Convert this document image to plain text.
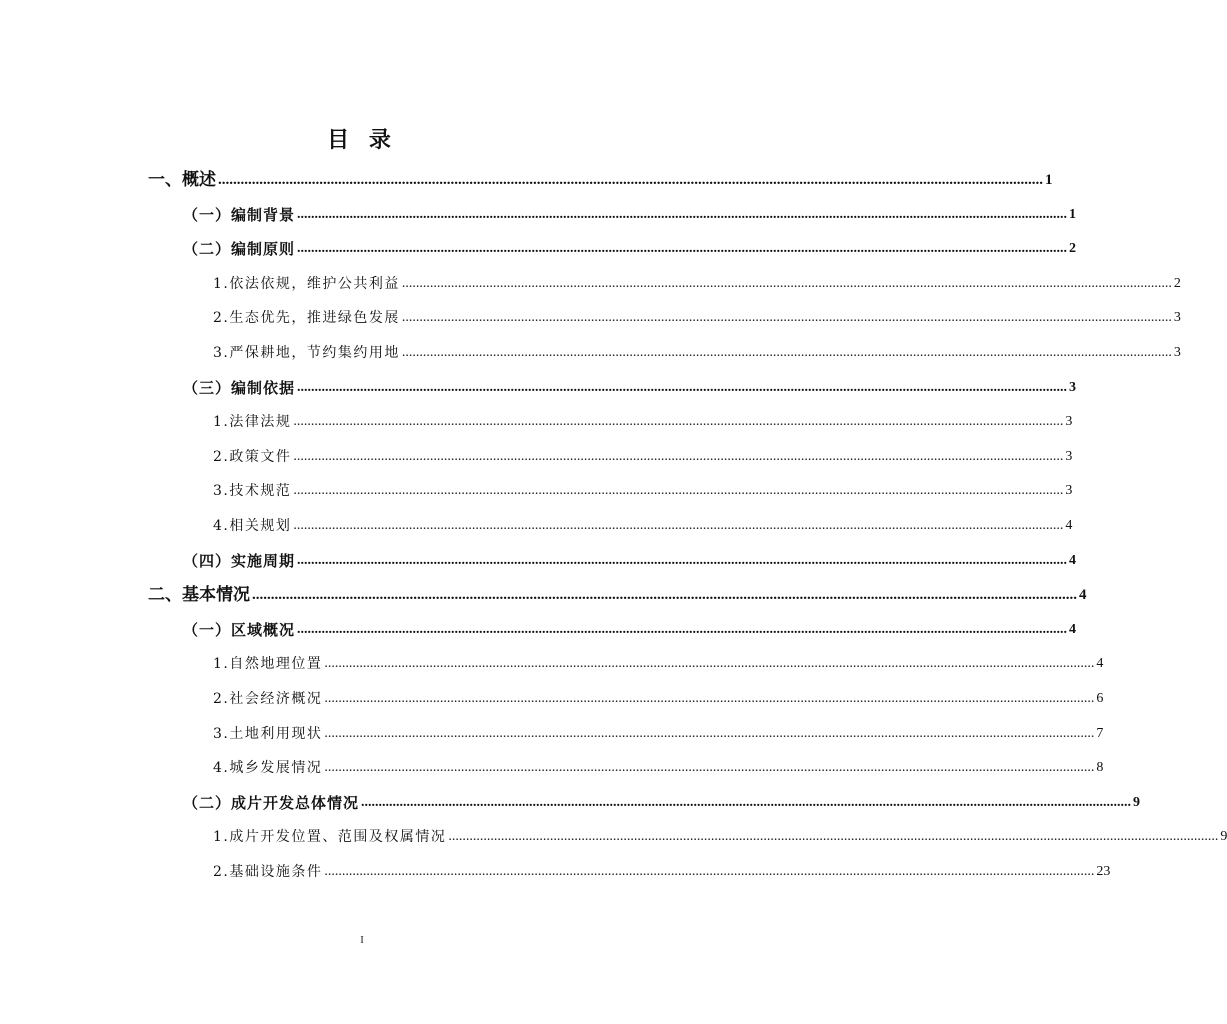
目 录
一、概述 ............................................................................................................................................................................................................................ 1
（一）编制背景 ............................................................................................................................................................................................................................ 1
（二）编制原则 ............................................................................................................................................................................................................................ 2
1.依法依规，维护公共利益 ............................................................................................................................................................................................................................ 2
2.生态优先，推进绿色发展 ............................................................................................................................................................................................................................ 3
3.严保耕地，节约集约用地 ............................................................................................................................................................................................................................ 3
（三）编制依据 ............................................................................................................................................................................................................................ 3
1.法律法规 ............................................................................................................................................................................................................................ 3
2.政策文件 ............................................................................................................................................................................................................................ 3
3.技术规范 ............................................................................................................................................................................................................................ 3
4.相关规划 ............................................................................................................................................................................................................................ 4
（四）实施周期 ............................................................................................................................................................................................................................ 4
二、基本情况 ............................................................................................................................................................................................................................ 4
（一）区域概况 ............................................................................................................................................................................................................................ 4
1.自然地理位置 ............................................................................................................................................................................................................................ 4
2.社会经济概况 ............................................................................................................................................................................................................................ 6
3.土地利用现状 ............................................................................................................................................................................................................................ 7
4.城乡发展情况 ............................................................................................................................................................................................................................ 8
（二）成片开发总体情况 ............................................................................................................................................................................................................................ 9
1.成片开发位置、范围及权属情况 ............................................................................................................................................................................................................................ 9
2.基础设施条件 ............................................................................................................................................................................................................................ 23
I
